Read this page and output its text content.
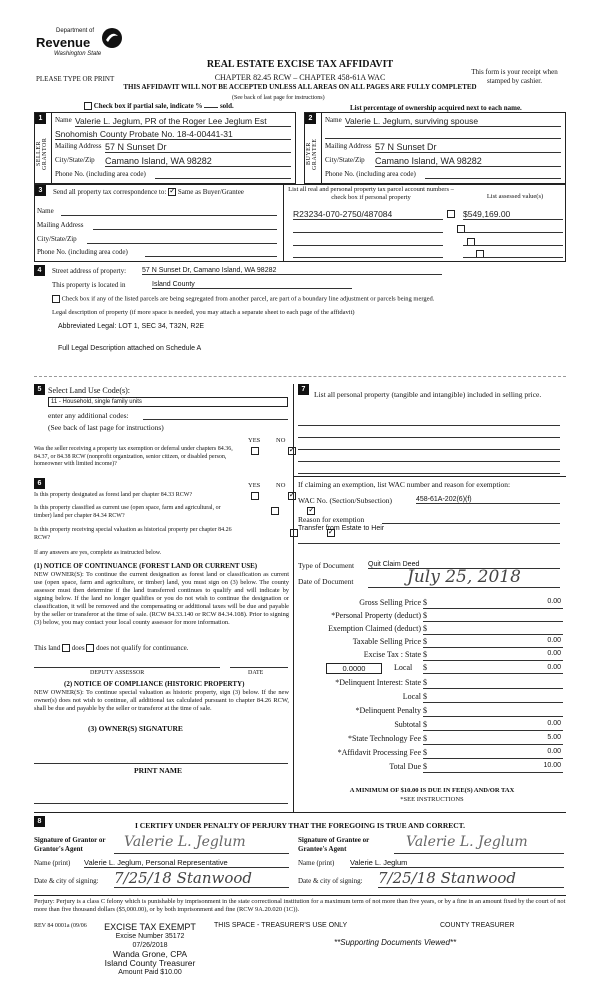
Department of
Revenue
Washington State
PLEASE TYPE OR PRINT
REAL ESTATE EXCISE TAX AFFIDAVIT
CHAPTER 82.45 RCW – CHAPTER 458-61A WAC
THIS AFFIDAVIT WILL NOT BE ACCEPTED UNLESS ALL AREAS ON ALL PAGES ARE FULLY COMPLETED
This form is your receipt when stamped by cashier.
(See back of last page for instructions)
Check box if partial sale, indicate %	sold.	List percentage of ownership acquired next to each name.
1
SELLER GRANTOR
Name Valerie L. Jeglum, PR of the Roger Lee Jeglum Est
Snohomish County Probate No. 18-4-00441-31
Mailing Address 57 N Sunset Dr
City/State/Zip Camano Island, WA 98282
Phone No. (including area code)
2
BUYER GRANTEE
Name Valerie L. Jeglum, surviving spouse
Mailing Address 57 N Sunset Dr
City/State/Zip Camano Island, WA 98282
Phone No. (including area code)
3	Send all property tax correspondence to: ✓ Same as Buyer/Grantee
Name
Mailing Address
City/State/Zip
Phone No. (including area code)
List all real and personal property tax parcel account numbers – check box if personal property	List assessed value(s)
R23234-070-2750/487084
	$549,169.00

4	Street address of property: 57 N Sunset Dr, Camano Island, WA 98282
This property is located in	Island County
Check box if any of the listed parcels are being segregated from another parcel, are part of a boundary line adjustment or parcels being merged.
Legal description of property (if more space is needed, you may attach a separate sheet to each page of the affidavit)
Abbreviated Legal: LOT 1, SEC 34, T32N, R2E
Full Legal Description attached on Schedule A
5 Select Land Use Code(s):
11 - Household, single family units
enter any additional codes:
(See back of last page for instructions)
YES NO
Was the seller receiving a property tax exemption or deferral under chapters 84.36, 84.37, or 84.38 RCW (nonprofit organization, senior citizen, or disabled person, homeowner with limited income)?
✓
6	YES NO
Is this property designated as forest land per chapter 84.33 RCW?
✓
Is this property classified as current use (open space, farm and agricultural, or timber) land per chapter 84.34 RCW?
✓
Is this property receiving special valuation as historical property per chapter 84.26 RCW?
✓
If any answers are yes, complete as instructed below.
(1) NOTICE OF CONTINUANCE (FOREST LAND OR CURRENT USE)
NEW OWNER(S): To continue the current designation as forest land or classification as current use (open space, farm and agriculture, or timber) land, you must sign on (3) below. The county assessor must then determine if the land transferred continues to qualify and will indicate by signing below. If the land no longer qualifies or you do not wish to continue the designation or classification, it will be removed and the compensating or additional taxes will be due and payable by the seller or transferor at the time of sale. (RCW 84.33.140 or RCW 84.34.108). Prior to signing (3) below, you may contact your local county assessor for more information.
This land does does not qualify for continuance.
DEPUTY ASSESSOR	DATE
(2) NOTICE OF COMPLIANCE (HISTORIC PROPERTY)
NEW OWNER(S): To continue special valuation as historic property, sign (3) below. If the new owner(s) does not wish to continue, all additional tax calculated pursuant to chapter 84.26 RCW, shall be due and payable by the seller or transferor at the time of sale.
(3) OWNER(S) SIGNATURE
PRINT NAME
7
List all personal property (tangible and intangible) included in selling price.
If claiming an exemption, list WAC number and reason for exemption:
WAC No. (Section/Subsection)	458-61A-202(6)(f)
Reason for exemption
Transfer from Estate to Heir
Type of Document Quit Claim Deed
Date of Document	July 25, 2018
Gross Selling Price	0.00
$
*Personal Property (deduct) $
Exemption Claimed (deduct) $
Taxable Selling Price	0.00
$
Excise Tax : State	0.00
$
0.0000	Local $	0.00
*Delinquent Interest: State $
Local $
*Delinquent Penalty $
Subtotal	0.00
$
*State Technology Fee	5.00
$
*Affidavit Processing Fee	0.00
$
Total Due	10.00
$
A MINIMUM OF $10.00 IS DUE IN FEE(S) AND/OR TAX
*SEE INSTRUCTIONS
8	I CERTIFY UNDER PENALTY OF PERJURY THAT THE FOREGOING IS TRUE AND CORRECT.
Signature of Grantor or Grantor's Agent	Valerie L. Jeglum	Signature of Grantee or Grantee's Agent	Valerie L. Jeglum
Name (print) Valerie L. Jeglum, Personal Representative	Name (print) Valerie L. Jeglum
Date & city of signing: 7/25/18 Stanwood	Date & city of signing: 7/25/18 Stanwood
Perjury: Perjury is a class C felony which is punishable by imprisonment in the state correctional institution for a maximum term of not more than five years, or by a fine in an amount fixed by the court of not more than five thousand dollars ($5,000.00), or by both imprisonment and fine (RCW 9A.20.020 (1C)).
REV 84 0001a (09/06	THIS SPACE - TREASURER'S USE ONLY	COUNTY TREASURER
EXCISE TAX EXEMPT
Excise Number 35172
07/26/2018
Wanda Grone, CPA
Island County Treasurer
Amount Paid $10.00
**Supporting Documents Viewed**
